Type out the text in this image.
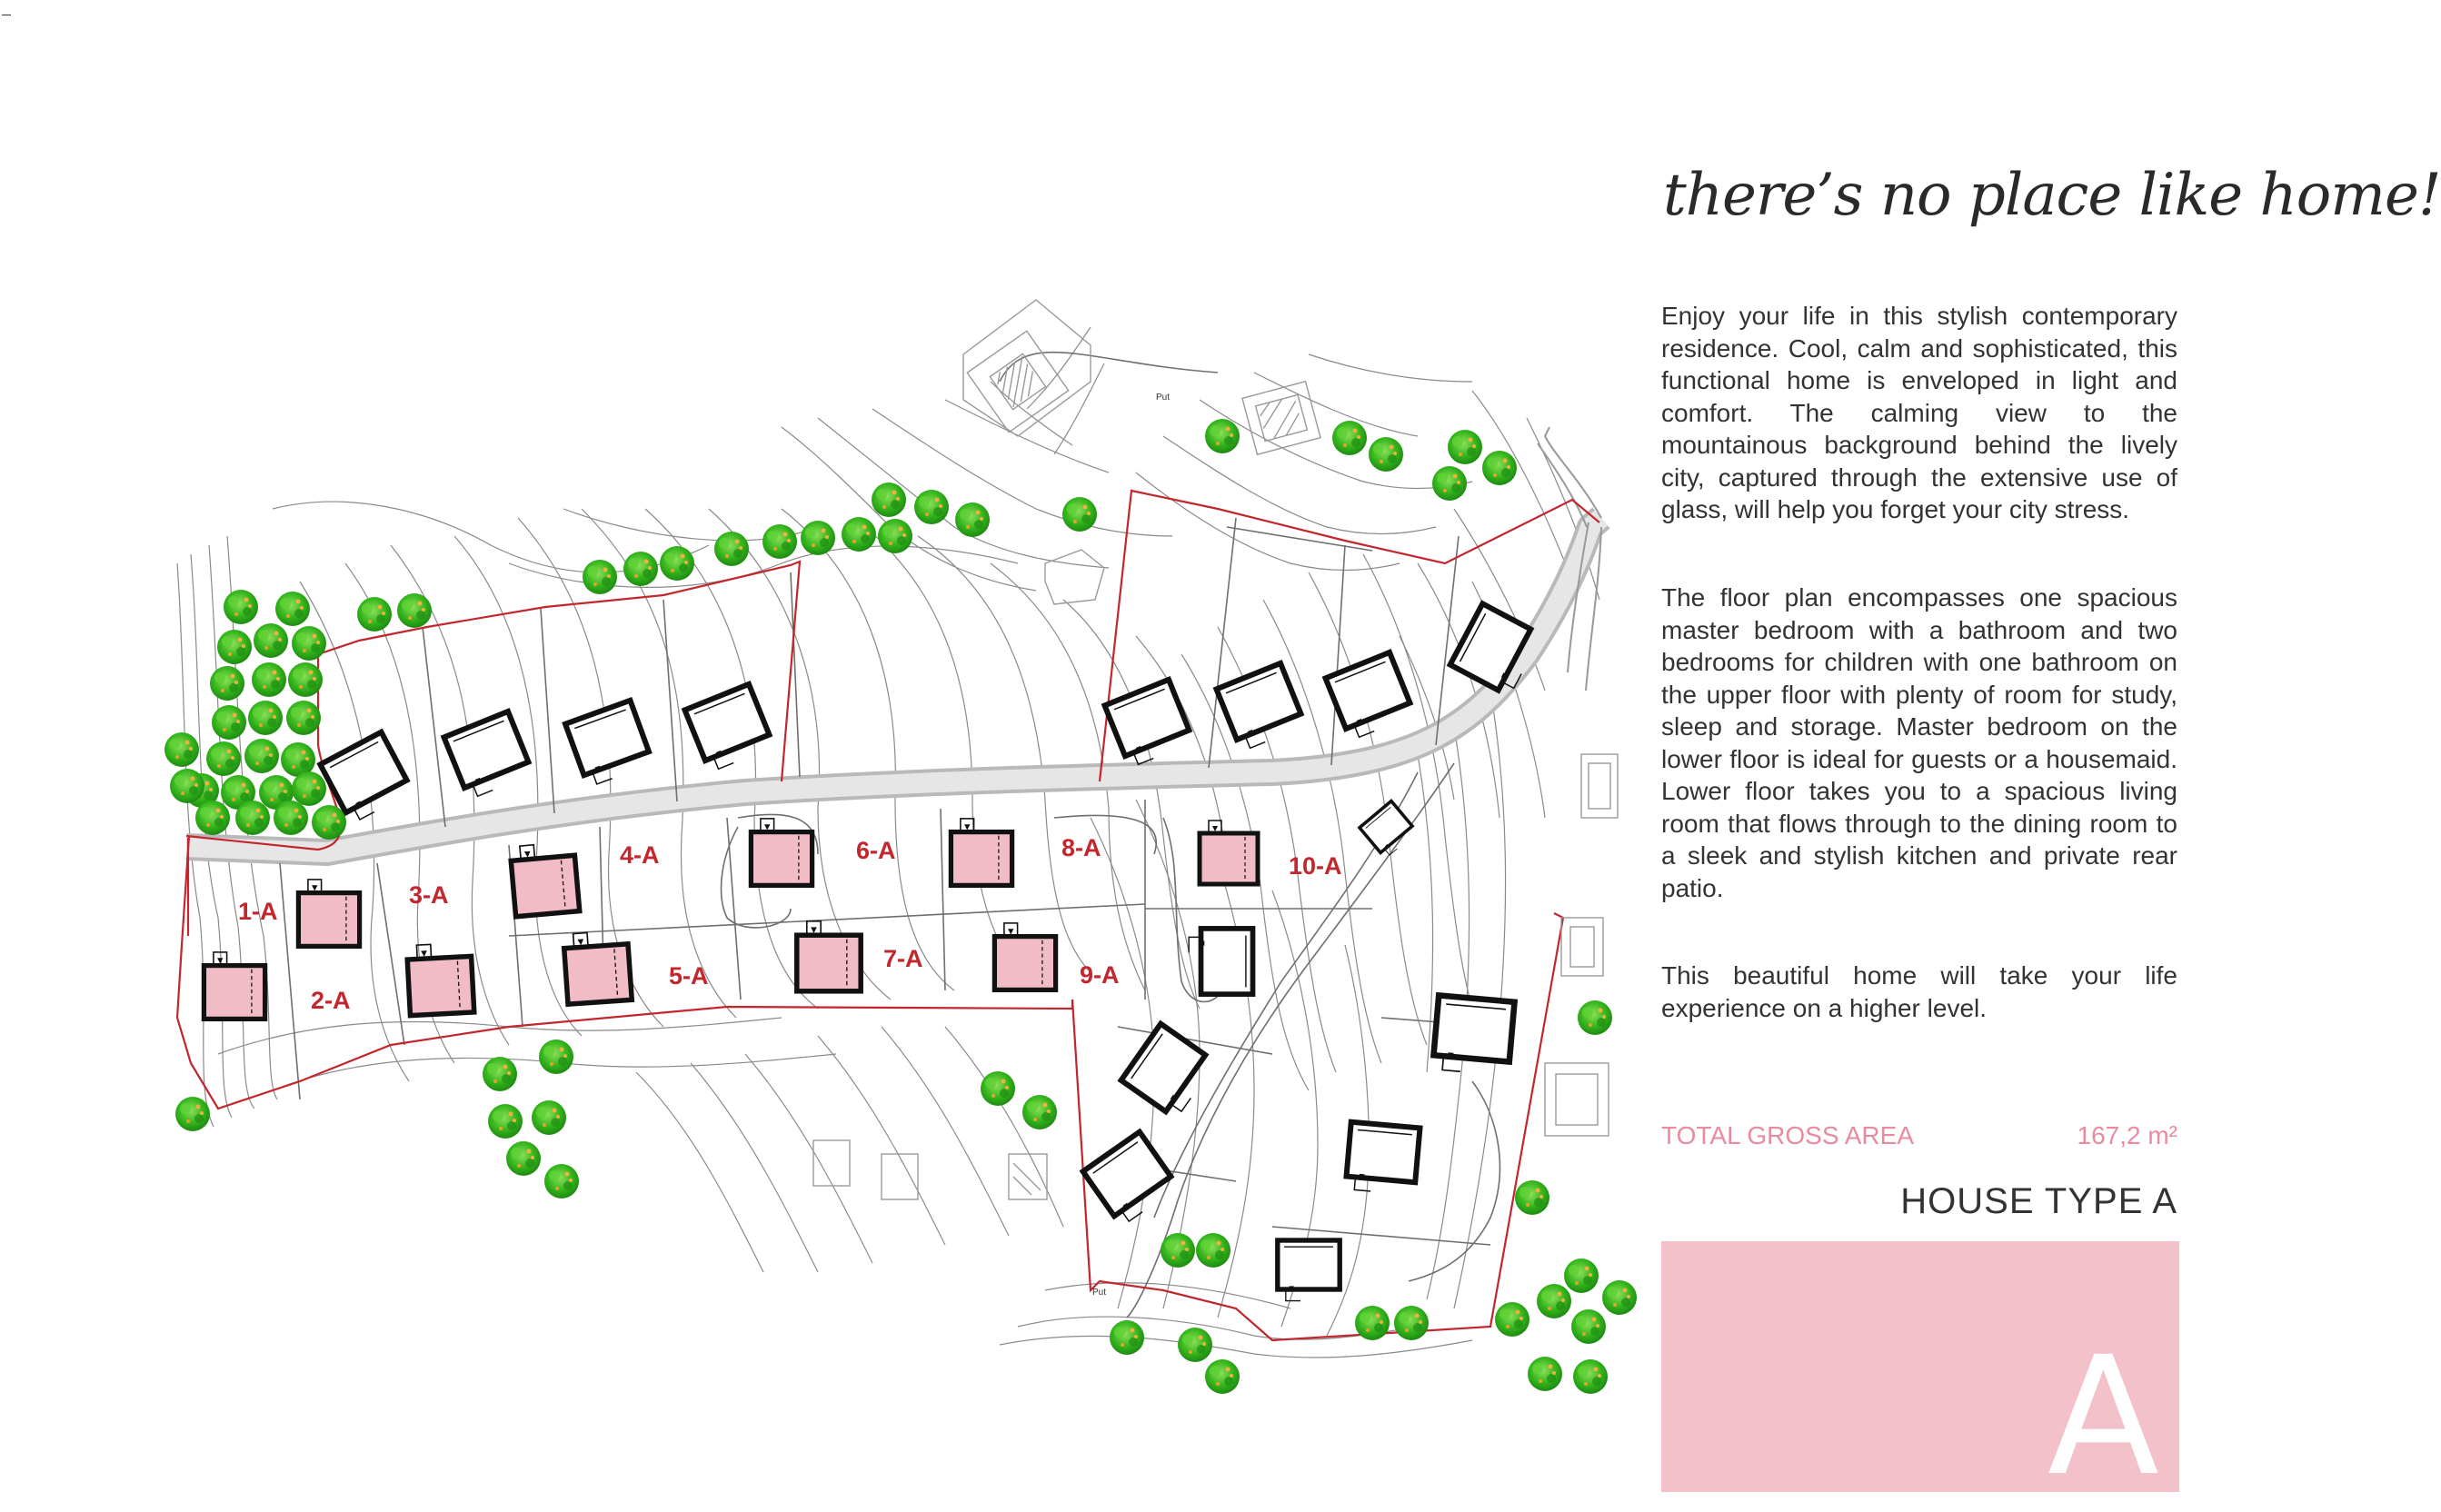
Put
Put
1-A
2-A
3-A
4-A
5-A
6-A
7-A
8-A
9-A
10-A
there’s no place like home!

Enjoy your life in this stylish contemporary residence. Cool, calm and sophisticated, this functional home is enveloped in light and comfort. The calming view to the mountainous background behind the lively city, captured through the extensive use of glass, will help you forget your city stress.

The floor plan encompasses one spacious master bedroom with a bathroom and two bedrooms for children with one bathroom on the upper floor with plenty of room for study, sleep and storage. Master bedroom on the lower floor is ideal for guests or a housemaid. Lower floor takes you to a spacious living room that flows through to the dining room to a sleek and stylish kitchen and private rear patio.

This beautiful home will take your life experience on a higher level.

TOTAL GROSS AREA	167,2 m²
HOUSE TYPE A
A
